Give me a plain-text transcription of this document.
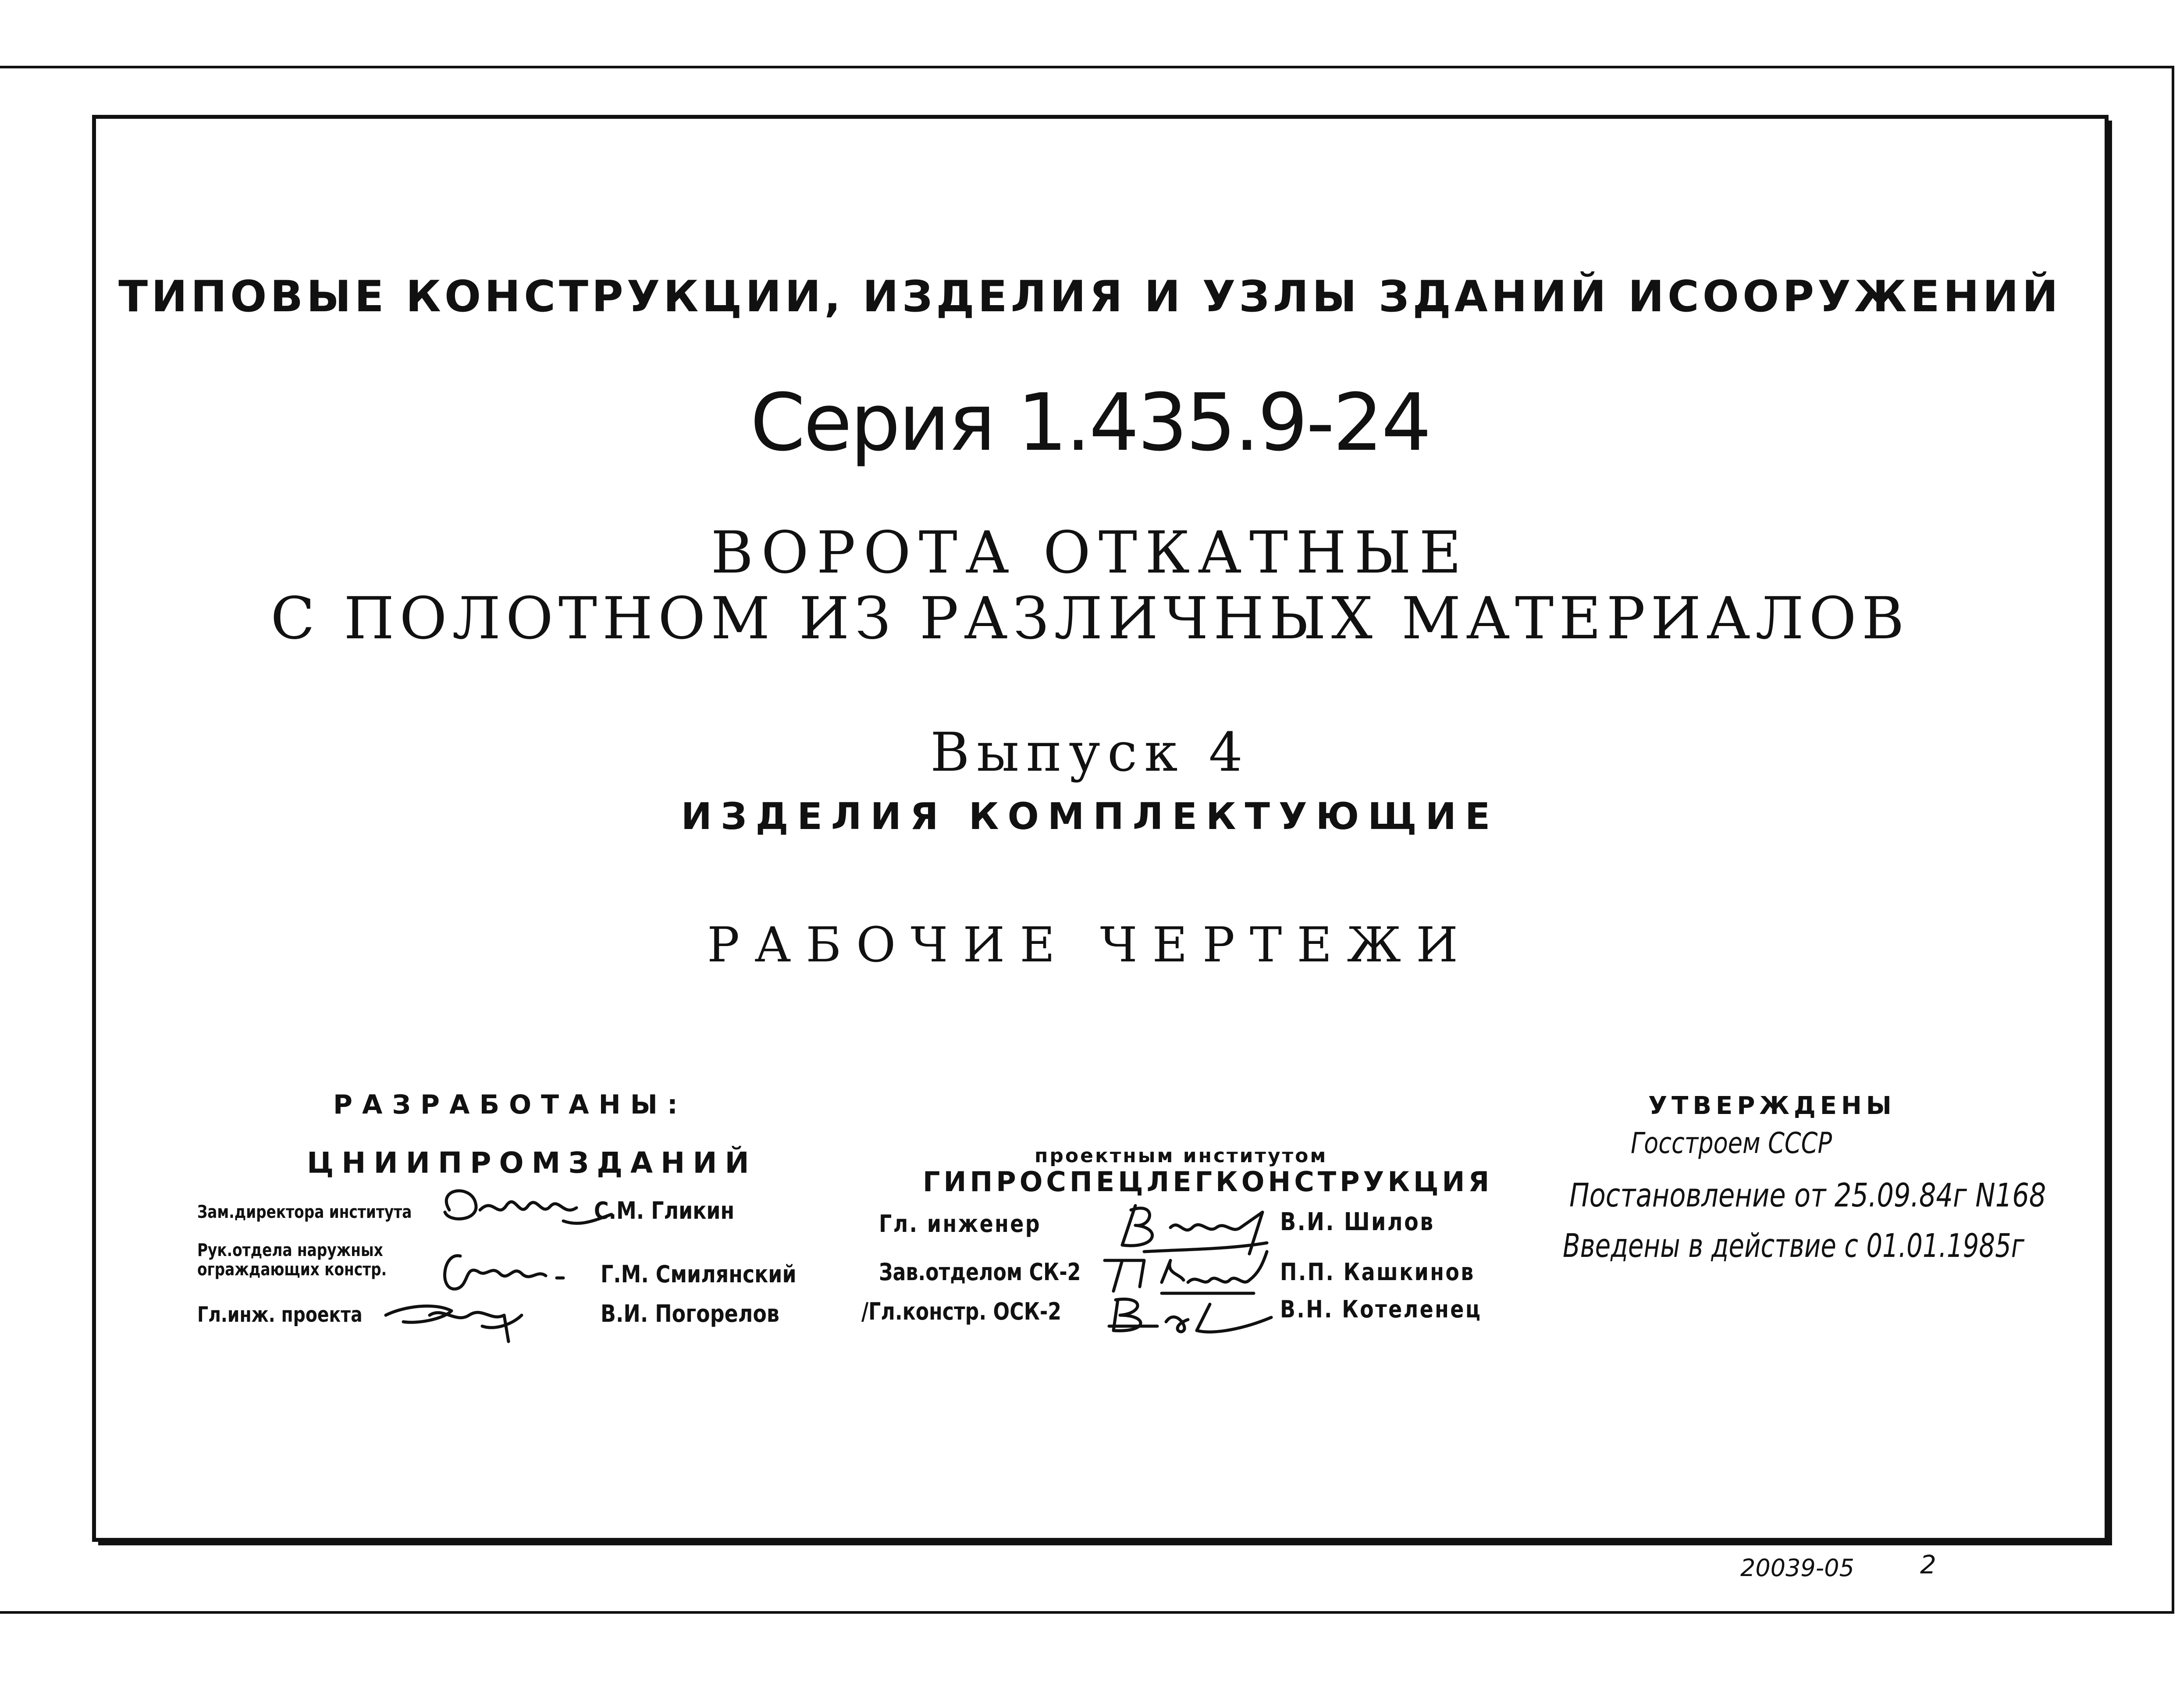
ТИПОВЫЕ КОНСТРУКЦИИ, ИЗДЕЛИЯ И УЗЛЫ ЗДАНИЙ ИСООРУЖЕНИЙ
Серия 1.435.9-24
ВОРОТА ОТКАТНЫЕ
С ПОЛОТНОМ ИЗ РАЗЛИЧНЫХ МАТЕРИАЛОВ
Выпуск 4
ИЗДЕЛИЯ КОМПЛЕКТУЮЩИЕ
РАБОЧИЕ ЧЕРТЕЖИ
РАЗРАБОТАНЫ:
ЦНИИПРОМЗДАНИЙ
Зам.директора института	С.М. Гликин
Рук.отдела наружных ограждающих констр.	Г.М. Смилянский
Гл.инж. проекта	В.И. Погорелов
проектным институтом
ГИПРОСПЕЦЛЕГКОНСТРУКЦИЯ
Гл. инженер	В.И. Шилов
Зав.отделом СК-2	П.П. Кашкинов
/Гл.констр. ОСК-2	В.Н. Котеленец
УТВЕРЖДЕНЫ
Госстроем СССР
Постановление от 25.09.84г N168
Введены в действие с 01.01.1985г
20039-05	2
